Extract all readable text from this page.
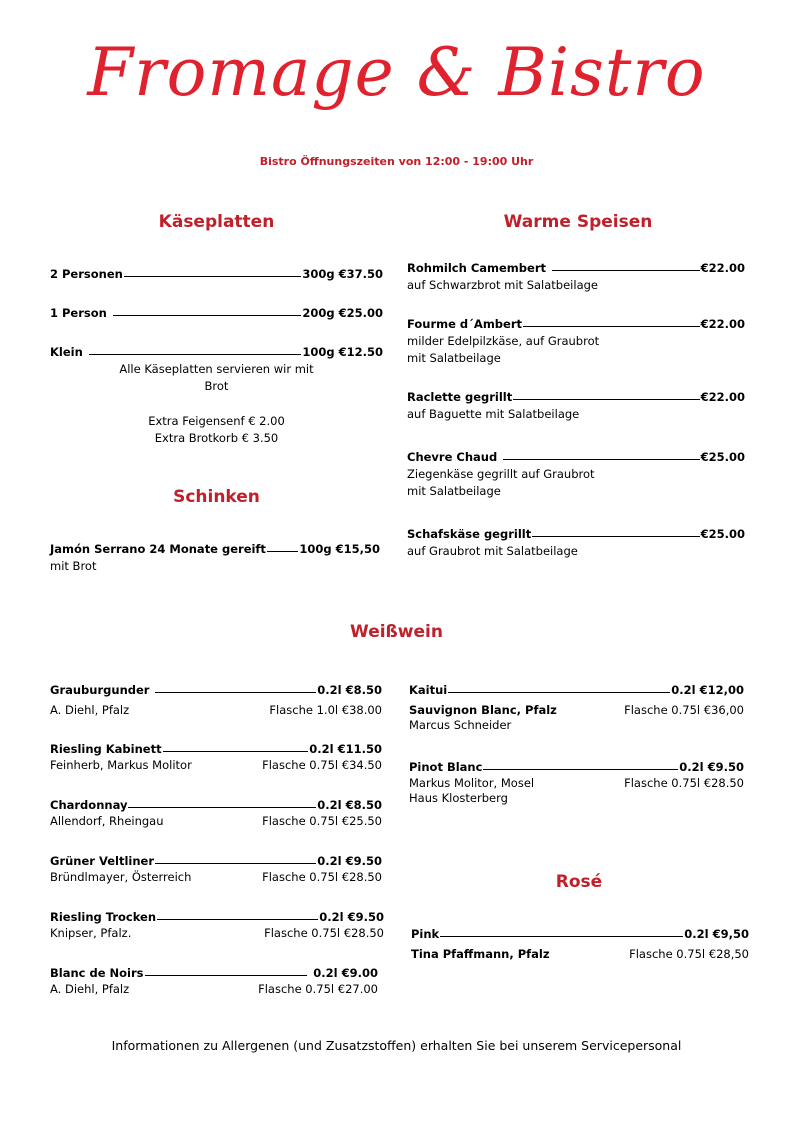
Fromage & Bistro
Bistro Öffnungszeiten von 12:00 - 19:00 Uhr
Käseplatten
2 Personen	300g €37.50
1 Person	200g €25.00
Klein	100g €12.50
Alle Käseplatten servieren wir mit
Brot
Extra Feigensenf € 2.00
Extra Brotkorb € 3.50
Schinken
Jamón Serrano 24 Monate gereift	100g €15,50
mit Brot
Warme Speisen
Rohmilch Camembert	€22.00
auf Schwarzbrot mit Salatbeilage
Fourme d´Ambert	€22.00
milder Edelpilzkäse, auf Graubrot
mit Salatbeilage
Raclette gegrillt	€22.00
auf Baguette mit Salatbeilage
Chevre Chaud	€25.00
Ziegenkäse gegrillt auf Graubrot
mit Salatbeilage
Schafskäse gegrillt	€25.00
auf Graubrot mit Salatbeilage
Weißwein
Grauburgunder	0.2l €8.50
A. Diehl, Pfalz	Flasche 1.0l €38.00
Riesling Kabinett	0.2l €11.50
Feinherb, Markus Molitor	Flasche 0.75l €34.50
Chardonnay	0.2l €8.50
Allendorf, Rheingau	Flasche 0.75l €25.50
Grüner Veltliner	0.2l €9.50
Bründlmayer, Österreich	Flasche 0.75l €28.50
Riesling Trocken	0.2l €9.50
Knipser, Pfalz.	Flasche 0.75l €28.50
Blanc de Noirs	0.2l €9.00
A. Diehl, Pfalz	Flasche 0.75l €27.00
Kaitui	0.2l €12,00
Sauvignon Blanc, Pfalz	Flasche 0.75l €36,00
Marcus Schneider
Pinot Blanc	0.2l €9.50
Markus Molitor, Mosel	Flasche 0.75l €28.50
Haus Klosterberg
Rosé
Pink	0.2l €9,50
Tina Pfaffmann, Pfalz	Flasche 0.75l €28,50
Informationen zu Allergenen (und Zusatzstoffen) erhalten Sie bei unserem Servicepersonal
